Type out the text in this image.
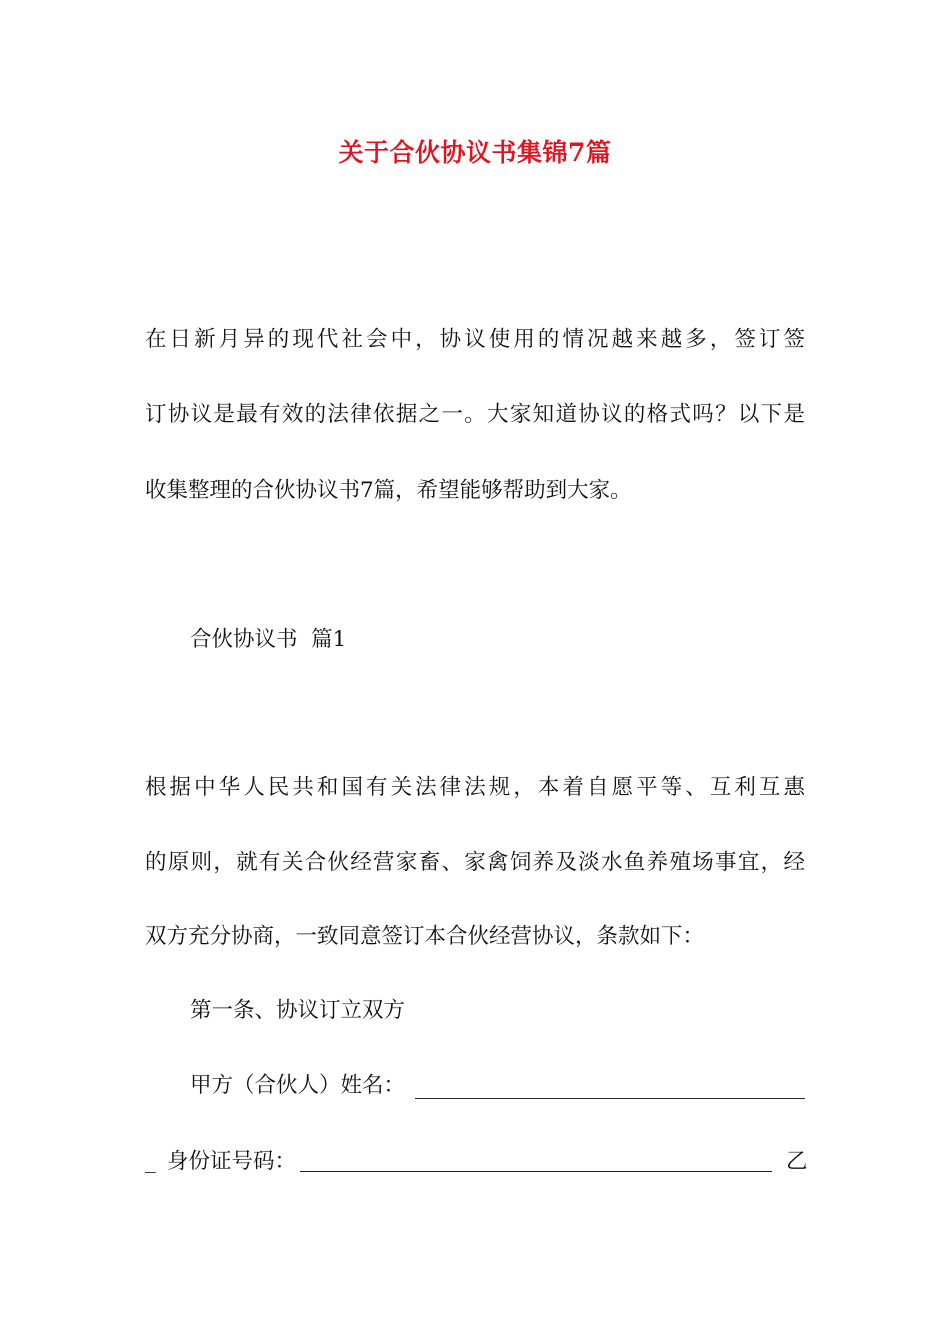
关于合伙协议书集锦7篇
在日新月异的现代社会中，协议使用的情况越来越多，签订签
订协议是最有效的法律依据之一。大家知道协议的格式吗？以下是
收集整理的合伙协议书7篇，希望能够帮助到大家。
合伙协议书  篇1
根据中华人民共和国有关法律法规，本着自愿平等、互利互惠
的原则，就有关合伙经营家畜、家禽饲养及淡水鱼养殖场事宜，经
双方充分协商，一致同意签订本合伙经营协议，条款如下：
第一条、协议订立双方
甲方（合伙人）姓名：
_ 身份证号码：	乙
